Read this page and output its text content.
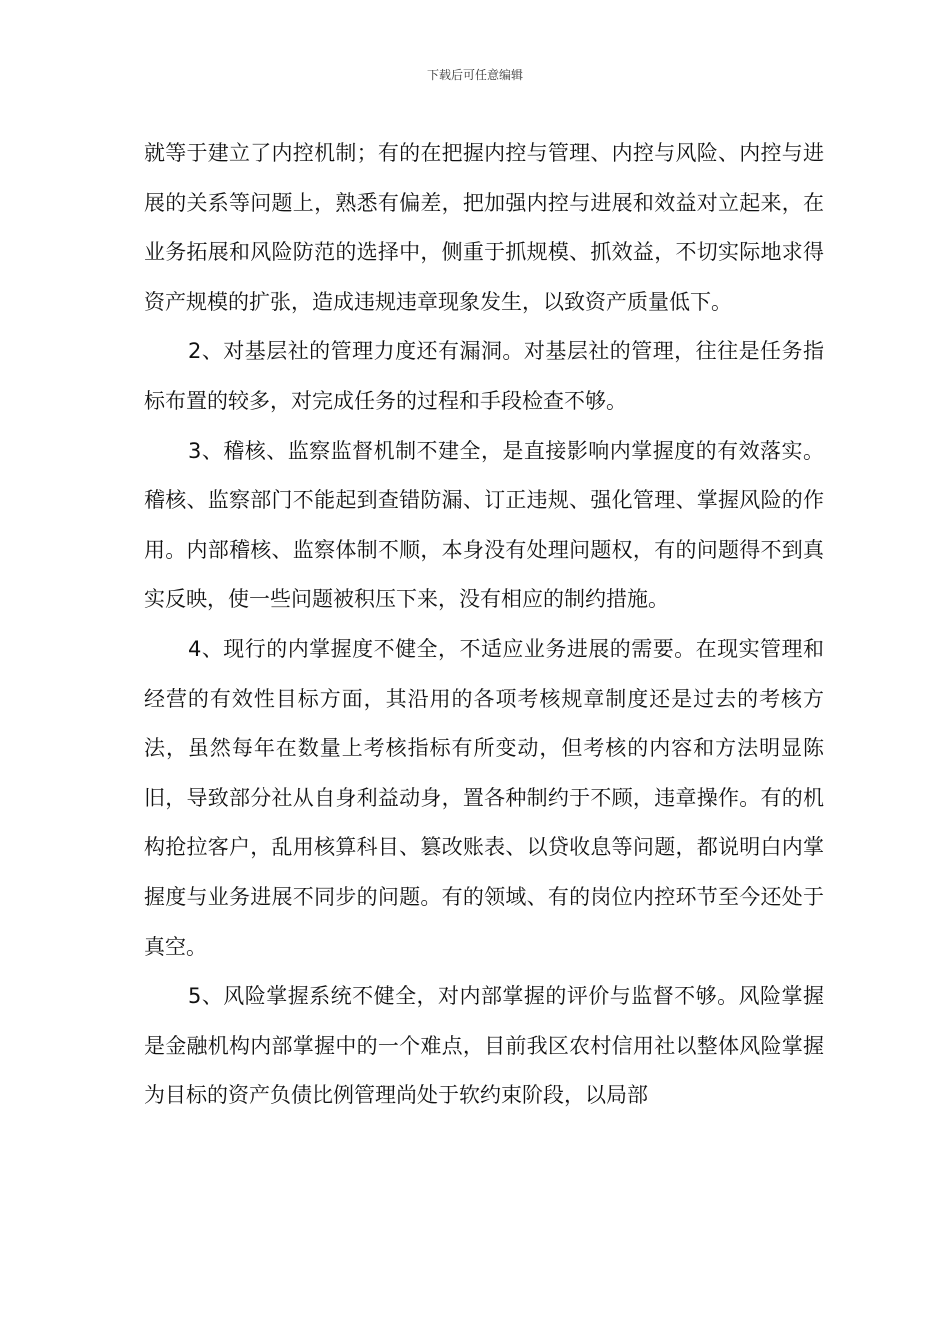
下载后可任意编辑

就等于建立了内控机制；有的在把握内控与管理、内控与风险、内控与进展的关系等问题上，熟悉有偏差，把加强内控与进展和效益对立起来，在业务拓展和风险防范的选择中，侧重于抓规模、抓效益，不切实际地求得资产规模的扩张，造成违规违章现象发生，以致资产质量低下。

2、对基层社的管理力度还有漏洞。对基层社的管理，往往是任务指标布置的较多，对完成任务的过程和手段检查不够。

3、稽核、监察监督机制不建全，是直接影响内掌握度的有效落实。稽核、监察部门不能起到查错防漏、订正违规、强化管理、掌握风险的作用。内部稽核、监察体制不顺，本身没有处理问题权，有的问题得不到真实反映，使一些问题被积压下来，没有相应的制约措施。

4、现行的内掌握度不健全，不适应业务进展的需要。在现实管理和经营的有效性目标方面，其沿用的各项考核规章制度还是过去的考核方法，虽然每年在数量上考核指标有所变动，但考核的内容和方法明显陈旧，导致部分社从自身利益动身，置各种制约于不顾，违章操作。有的机构抢拉客户，乱用核算科目、篡改账表、以贷收息等问题，都说明白内掌握度与业务进展不同步的问题。有的领域、有的岗位内控环节至今还处于真空。

5、风险掌握系统不健全，对内部掌握的评价与监督不够。风险掌握是金融机构内部掌握中的一个难点，目前我区农村信用社以整体风险掌握为目标的资产负债比例管理尚处于软约束阶段，以局部
